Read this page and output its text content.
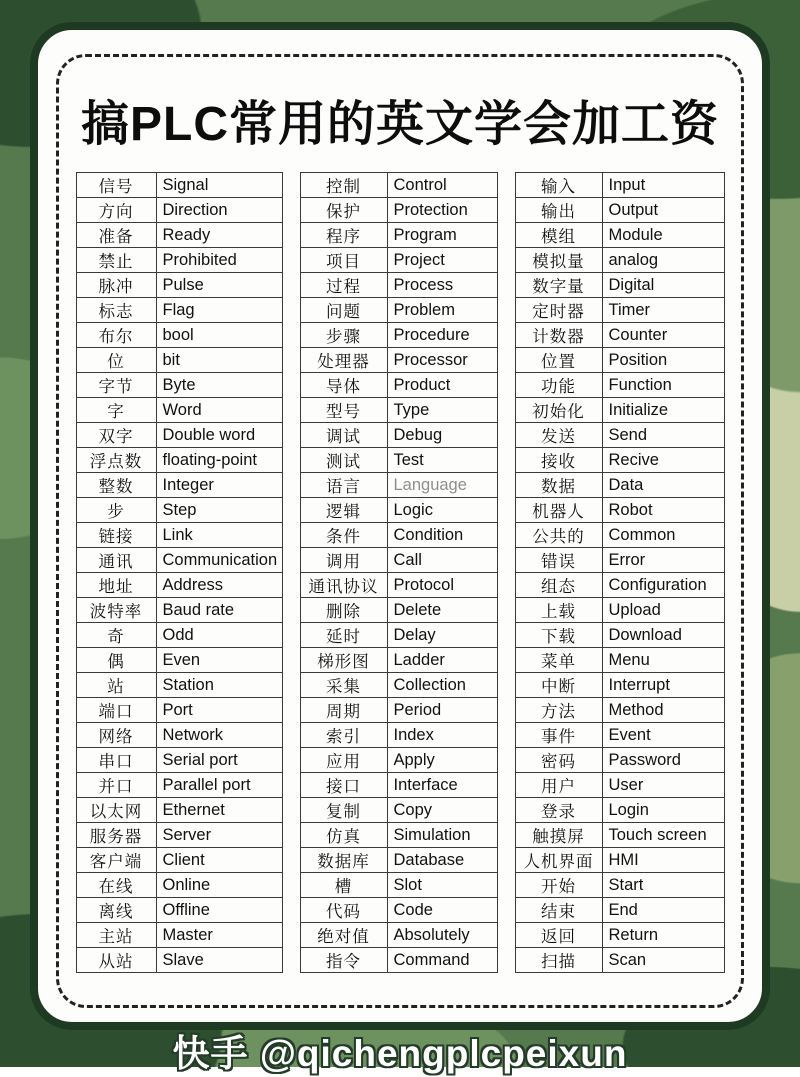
搞PLC常用的英文学会加工资
信号	Signal
方向	Direction
准备	Ready
禁止	Prohibited
脉冲	Pulse
标志	Flag
布尔	bool
位	bit
字节	Byte
字	Word
双字	Double word
浮点数	floating-point
整数	Integer
步	Step
链接	Link
通讯	Communication
地址	Address
波特率	Baud rate
奇	Odd
偶	Even
站	Station
端口	Port
网络	Network
串口	Serial port
并口	Parallel port
以太网	Ethernet
服务器	Server
客户端	Client
在线	Online
离线	Offline
主站	Master
从站	Slave
控制	Control
保护	Protection
程序	Program
项目	Project
过程	Process
问题	Problem
步骤	Procedure
处理器	Processor
导体	Product
型号	Type
调试	Debug
测试	Test
语言	Language
逻辑	Logic
条件	Condition
调用	Call
通讯协议	Protocol
删除	Delete
延时	Delay
梯形图	Ladder
采集	Collection
周期	Period
索引	Index
应用	Apply
接口	Interface
复制	Copy
仿真	Simulation
数据库	Database
槽	Slot
代码	Code
绝对值	Absolutely
指令	Command
输入	Input
输出	Output
模组	Module
模拟量	analog
数字量	Digital
定时器	Timer
计数器	Counter
位置	Position
功能	Function
初始化	Initialize
发送	Send
接收	Recive
数据	Data
机器人	Robot
公共的	Common
错误	Error
组态	Configuration
上载	Upload
下载	Download
菜单	Menu
中断	Interrupt
方法	Method
事件	Event
密码	Password
用户	User
登录	Login
触摸屏	Touch screen
人机界面	HMI
开始	Start
结束	End
返回	Return
扫描	Scan
快手 @qichengplcpeixun
